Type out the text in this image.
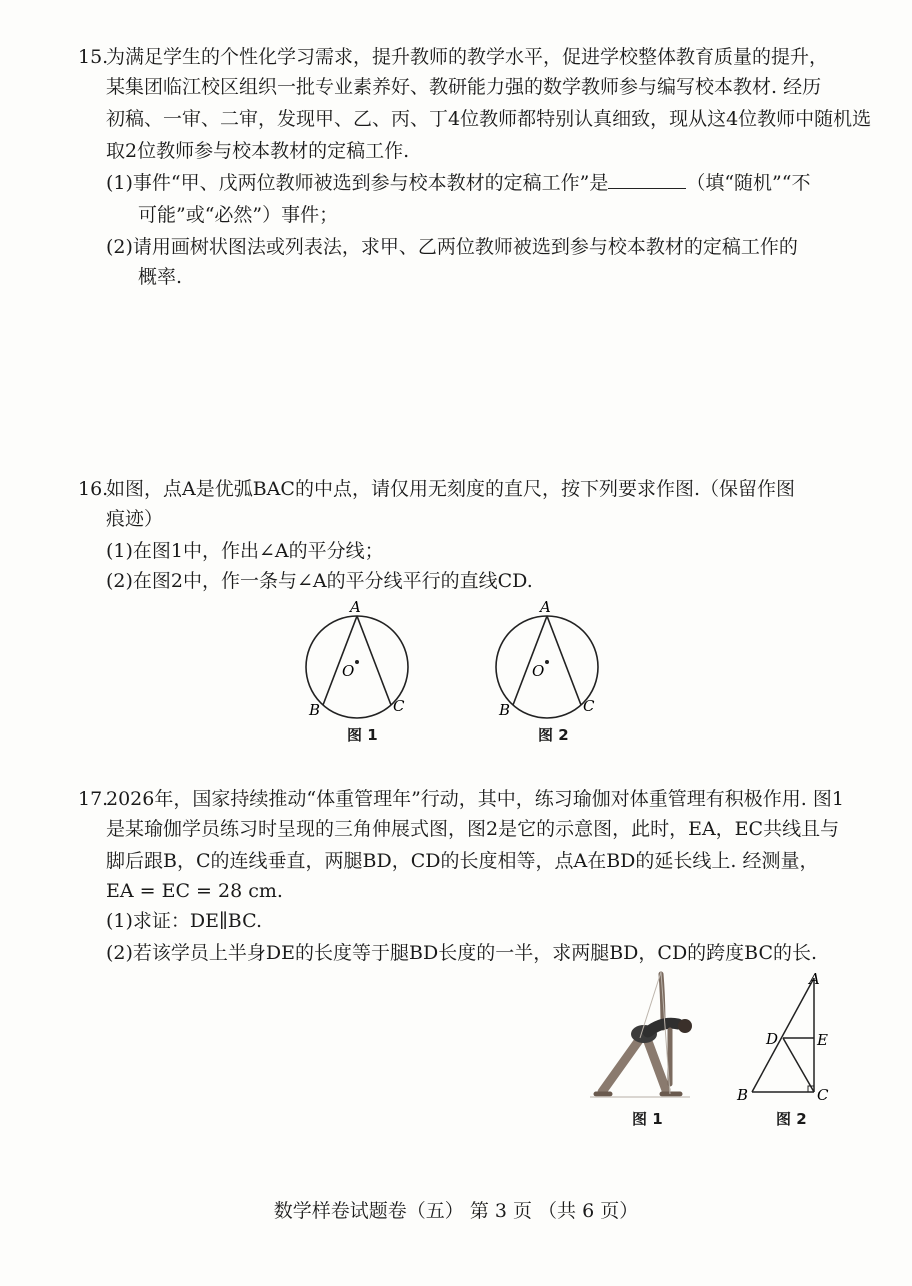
15.
为满足学生的个性化学习需求，提升教师的教学水平，促进学校整体教育质量的提升，
某集团临江校区组织一批专业素养好、教研能力强的数学教师参与编写校本教材. 经历
初稿、一审、二审，发现甲、乙、丙、丁4位教师都特别认真细致，现从这4位教师中随机选
取2位教师参与校本教材的定稿工作.
(1)事件“甲、戊两位教师被选到参与校本教材的定稿工作”是	（填“随机”“不
可能”或“必然”）事件；
(2)请用画树状图法或列表法，求甲、乙两位教师被选到参与校本教材的定稿工作的
概率.
16.
如图，点A是优弧BAC的中点，请仅用无刻度的直尺，按下列要求作图.（保留作图
痕迹）
(1)在图1中，作出∠A的平分线；
(2)在图2中，作一条与∠A的平分线平行的直线CD.
A
O
B	C
图 1
A
O
B	C
图 2
17.
2026年，国家持续推动“体重管理年”行动，其中，练习瑜伽对体重管理有积极作用. 图1
是某瑜伽学员练习时呈现的三角伸展式图，图2是它的示意图，此时，EA，EC共线且与
脚后跟B，C的连线垂直，两腿BD，CD的长度相等，点A在BD的延长线上. 经测量，
EA = EC = 28 cm.
(1)求证：DE∥BC.
(2)若该学员上半身DE的长度等于腿BD长度的一半，求两腿BD，CD的跨度BC的长.
图 1
A
D	E
B	C
图 2
数学样卷试题卷（五） 第 3 页 （共 6 页）
